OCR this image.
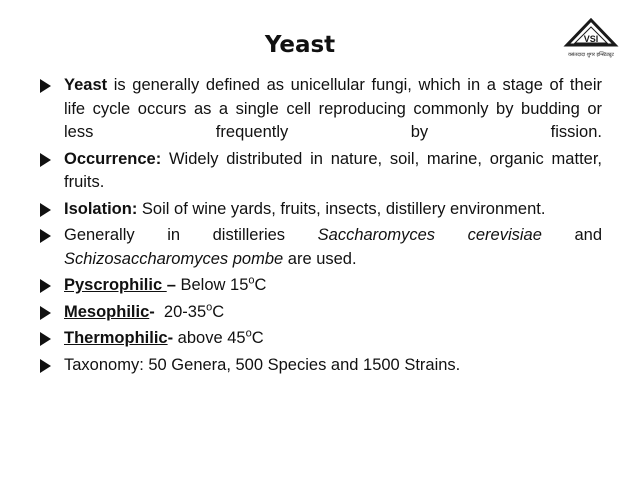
Yeast	VSI
वसंतदादा शुगर इन्स्टिट्यूट
Yeast is generally defined as unicellular fungi, which in a stage of their life cycle occurs as a single cell reproducing commonly by budding or less frequently by fission.
Occurrence: Widely distributed in nature, soil, marine, organic matter, fruits.
Isolation: Soil of wine yards, fruits, insects, distillery environment.
Generally in distilleries Saccharomyces cerevisiae and Schizosaccharomyces pombe are used.
Pyscrophilic – Below 15$^o$C
Mesophilic-  20-35$^o$C
Thermophilic- above 45$^o$C
Taxonomy: 50 Genera, 500 Species and 1500 Strains.
